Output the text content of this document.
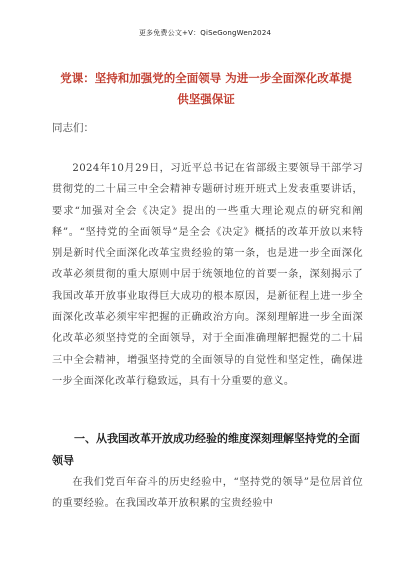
更多免费公文+V：QiSeGongWen2024
党课：坚持和加强党的全面领导 为进一步全面深化改革提
供坚强保证
同志们：

2024年10月29日，习近平总书记在省部级主要领导干部学习贯彻党的二十届三中全会精神专题研讨班开班式上发表重要讲话，要求“加强对全会《决定》提出的一些重大理论观点的研究和阐释”。“坚持党的全面领导”是全会《决定》概括的改革开放以来特别是新时代全面深化改革宝贵经验的第一条，也是进一步全面深化改革必须贯彻的重大原则中居于统领地位的首要一条，深刻揭示了我国改革开放事业取得巨大成功的根本原因，是新征程上进一步全面深化改革必须牢牢把握的正确政治方向。深刻理解进一步全面深化改革必须坚持党的全面领导，对于全面准确理解把握党的二十届三中全会精神，增强坚持党的全面领导的自觉性和坚定性，确保进一步全面深化改革行稳致远，具有十分重要的意义。

一、从我国改革开放成功经验的维度深刻理解坚持党的全面领导

在我们党百年奋斗的历史经验中，“坚持党的领导”是位居首位的重要经验。在我国改革开放积累的宝贵经验中
